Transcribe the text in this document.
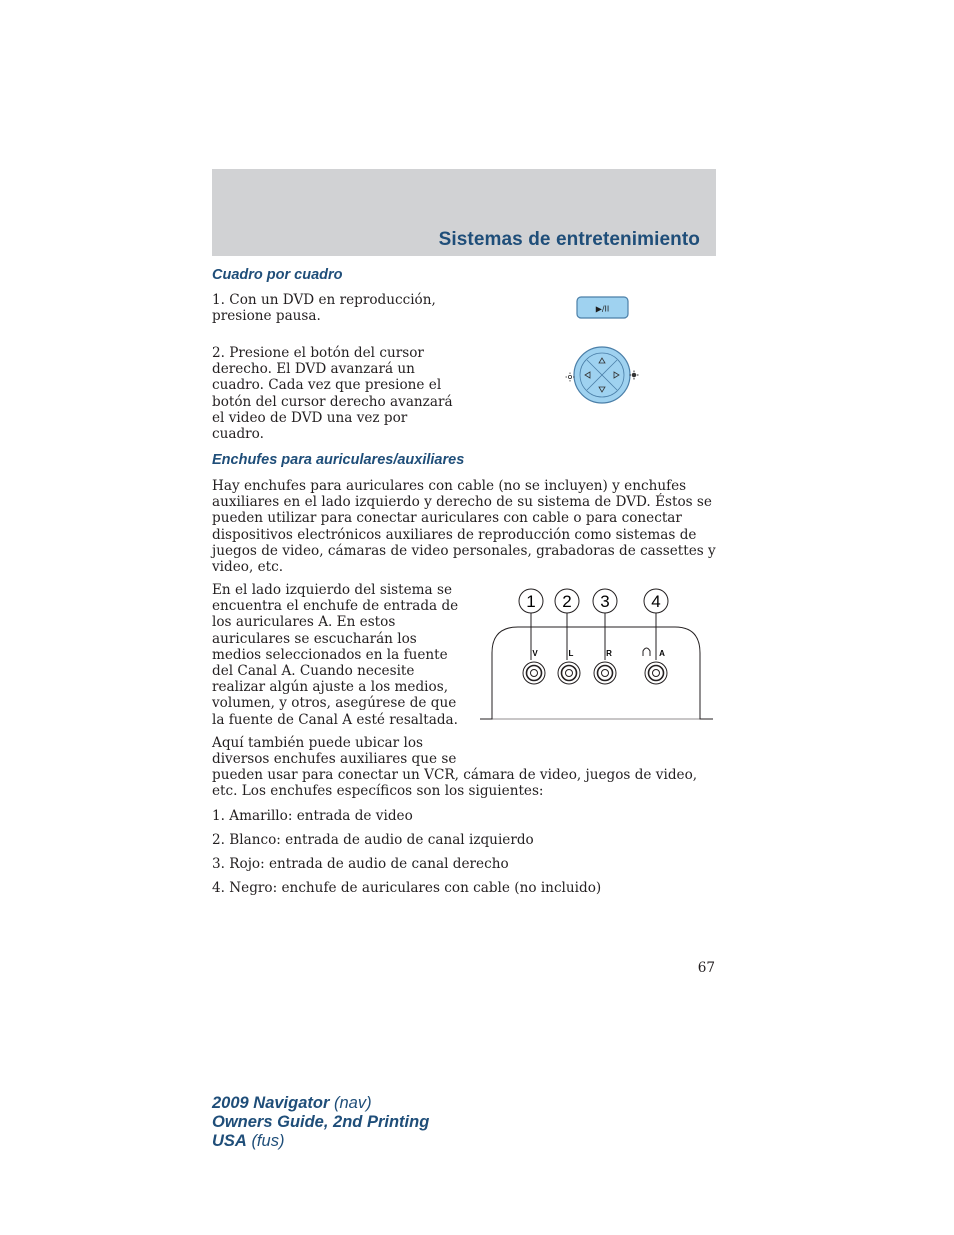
Sistemas de entretenimiento
Cuadro por cuadro

1. Con un DVD en reproducción, presione pausa.	▶/II

2. Presione el botón del cursor derecho. El DVD avanzará un cuadro. Cada vez que presione el botón del cursor derecho avanzará el video de DVD una vez por cuadro.

Enchufes para auriculares/auxiliares

Hay enchufes para auriculares con cable (no se incluyen) y enchufes auxiliares en el lado izquierdo y derecho de su sistema de DVD. Éstos se pueden utilizar para conectar auriculares con cable o para conectar dispositivos electrónicos auxiliares de reproducción como sistemas de juegos de video, cámaras de video personales, grabadoras de cassettes y video, etc.

En el lado izquierdo del sistema se encuentra el enchufe de entrada de los auriculares A. En estos auriculares se escucharán los medios seleccionados en la fuente del Canal A. Cuando necesite realizar algún ajuste a los medios, volumen, y otros, asegúrese de que la fuente de Canal A esté resaltada.

Aquí también puede ubicar los

diversos enchufes auxiliares que se

pueden usar para conectar un VCR, cámara de video, juegos de video, etc. Los enchufes específicos son los siguientes:

1 2 3 4
V	L	R	A

1. Amarillo: entrada de video

2. Blanco: entrada de audio de canal izquierdo

3. Rojo: entrada de audio de canal derecho

4. Negro: enchufe de auriculares con cable (no incluido)

67

2009 Navigator (nav)
Owners Guide, 2nd Printing
USA (fus)
